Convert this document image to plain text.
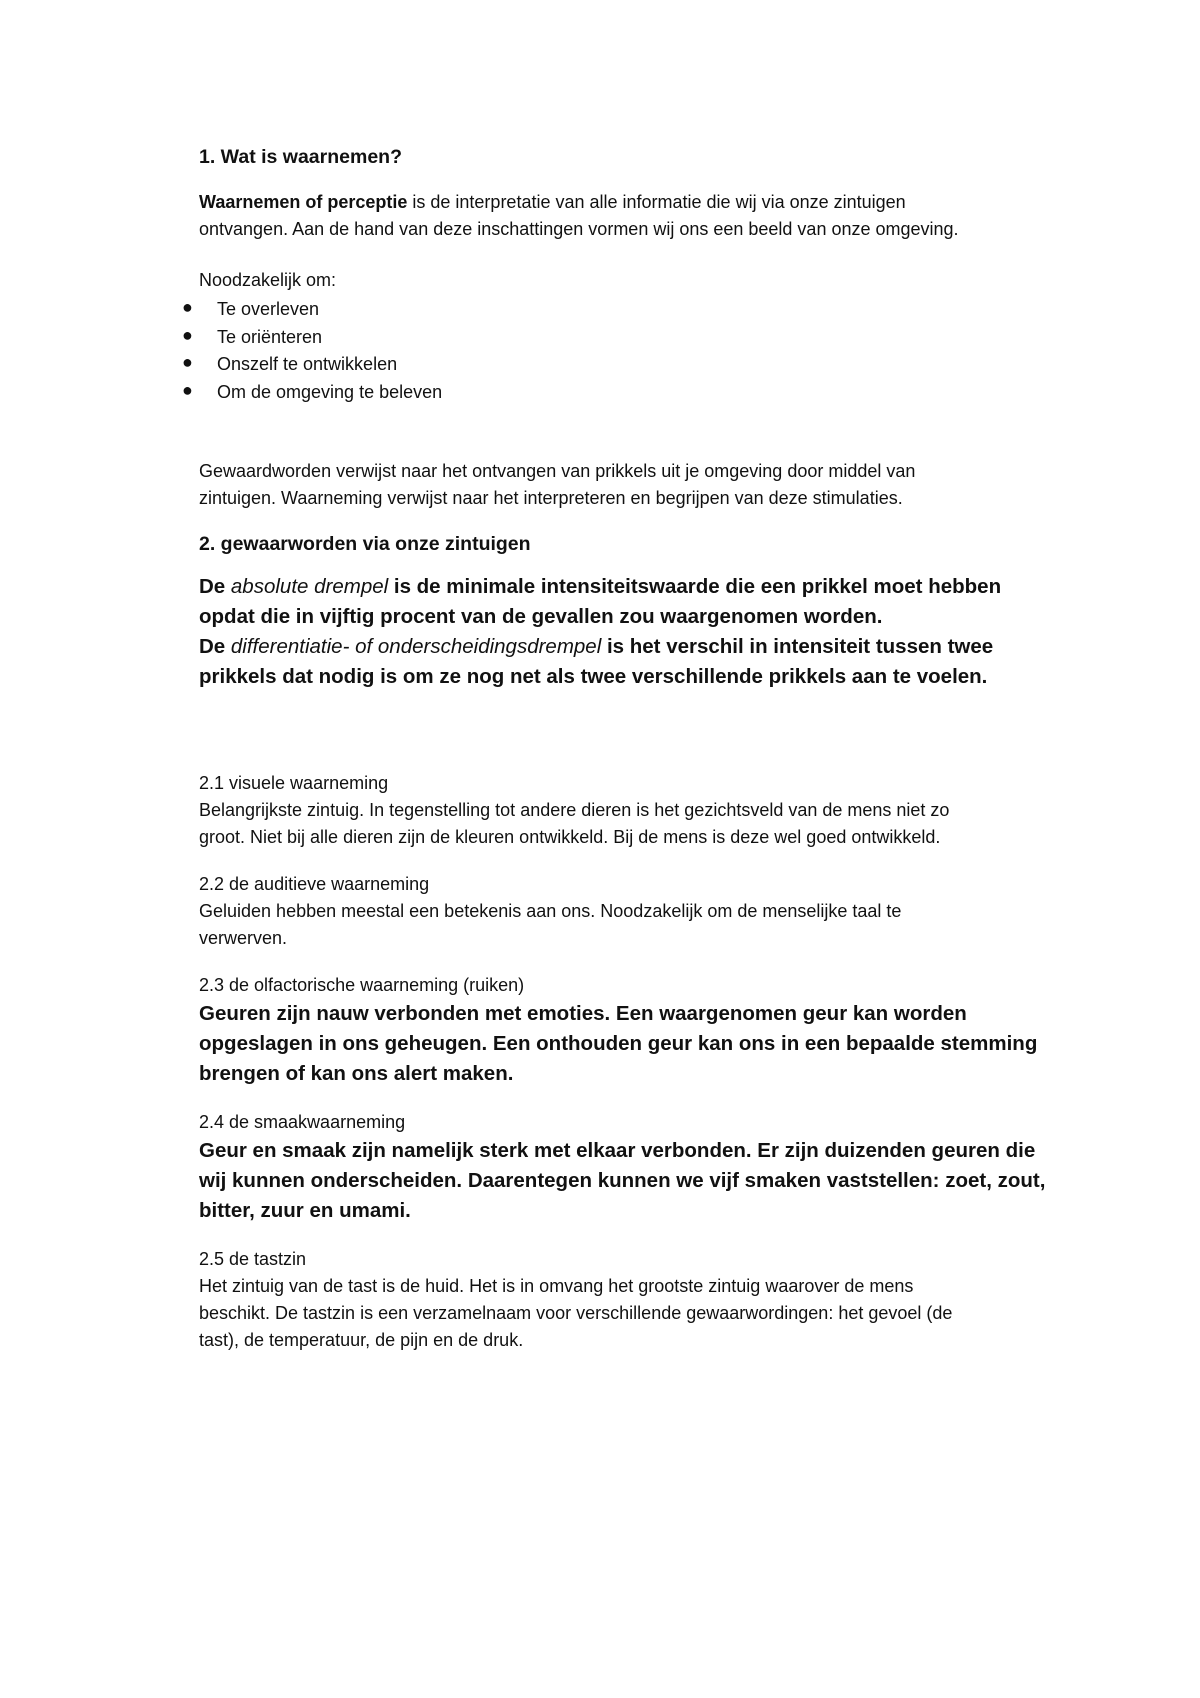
1. Wat is waarnemen?

Waarnemen of perceptie is de interpretatie van alle informatie die wij via onze zintuigen
ontvangen. Aan de hand van deze inschattingen vormen wij ons een beeld van onze omgeving.

Noodzakelijk om:

● Te overleven
● Te oriënteren
● Onszelf te ontwikkelen
● Om de omgeving te beleven

Gewaardworden verwijst naar het ontvangen van prikkels uit je omgeving door middel van
zintuigen. Waarneming verwijst naar het interpreteren en begrijpen van deze stimulaties.

2. gewaarworden via onze zintuigen

De absolute drempel is de minimale intensiteitswaarde die een prikkel moet hebben
opdat die in vijftig procent van de gevallen zou waargenomen worden.
De differentiatie- of onderscheidingsdrempel is het verschil in intensiteit tussen twee
prikkels dat nodig is om ze nog net als twee verschillende prikkels aan te voelen.

2.1 visuele waarneming

Belangrijkste zintuig. In tegenstelling tot andere dieren is het gezichtsveld van de mens niet zo
groot. Niet bij alle dieren zijn de kleuren ontwikkeld. Bij de mens is deze wel goed ontwikkeld.

2.2 de auditieve waarneming

Geluiden hebben meestal een betekenis aan ons. Noodzakelijk om de menselijke taal te
verwerven.

2.3 de olfactorische waarneming (ruiken)

Geuren zijn nauw verbonden met emoties. Een waargenomen geur kan worden
opgeslagen in ons geheugen. Een onthouden geur kan ons in een bepaalde stemming
brengen of kan ons alert maken.

2.4 de smaakwaarneming

Geur en smaak zijn namelijk sterk met elkaar verbonden. Er zijn duizenden geuren die
wij kunnen onderscheiden. Daarentegen kunnen we vijf smaken vaststellen: zoet, zout,
bitter, zuur en umami.

2.5 de tastzin

Het zintuig van de tast is de huid. Het is in omvang het grootste zintuig waarover de mens
beschikt. De tastzin is een verzamelnaam voor verschillende gewaarwordingen: het gevoel (de
tast), de temperatuur, de pijn en de druk.
